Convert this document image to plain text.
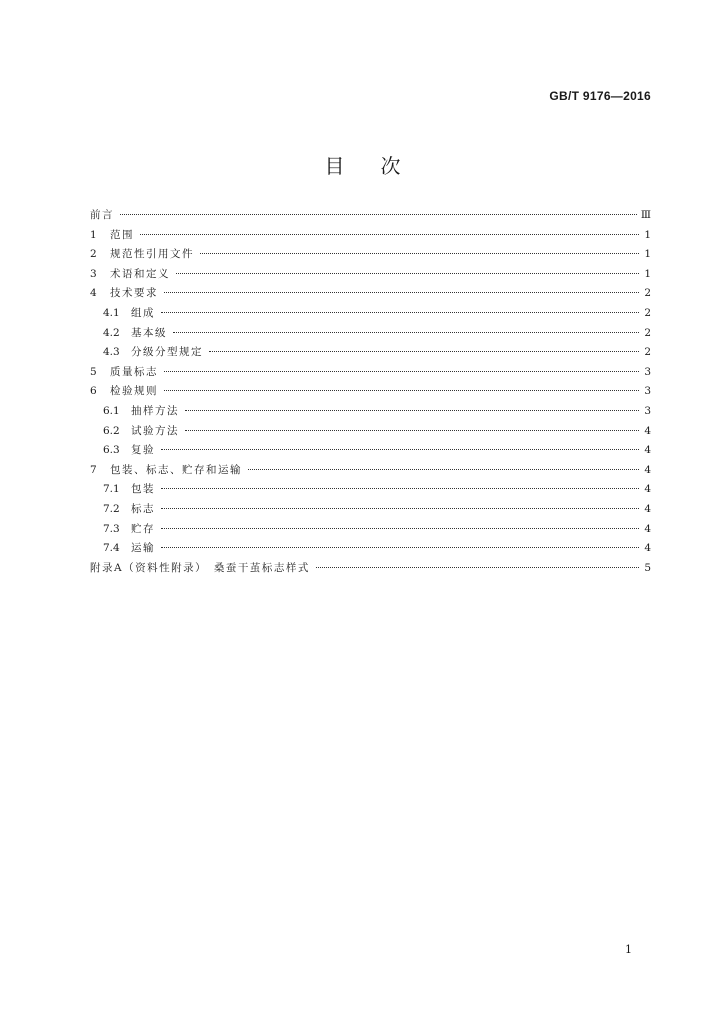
GB/T 9176—2016
目次
前言	Ⅲ
1	范围	1
2	规范性引用文件	1
3	术语和定义	1
4	技术要求	2
4.1 组成	2
4.2 基本级	2
4.3 分级分型规定	2
5	质量标志	3
6	检验规则	3
6.1 抽样方法	3
6.2 试验方法	4
6.3 复验	4
7	包装、标志、贮存和运输	4
7.1 包装	4
7.2 标志	4
7.3 贮存	4
7.4 运输	4
附录A（资料性附录）　桑蚕干茧标志样式	5
1
